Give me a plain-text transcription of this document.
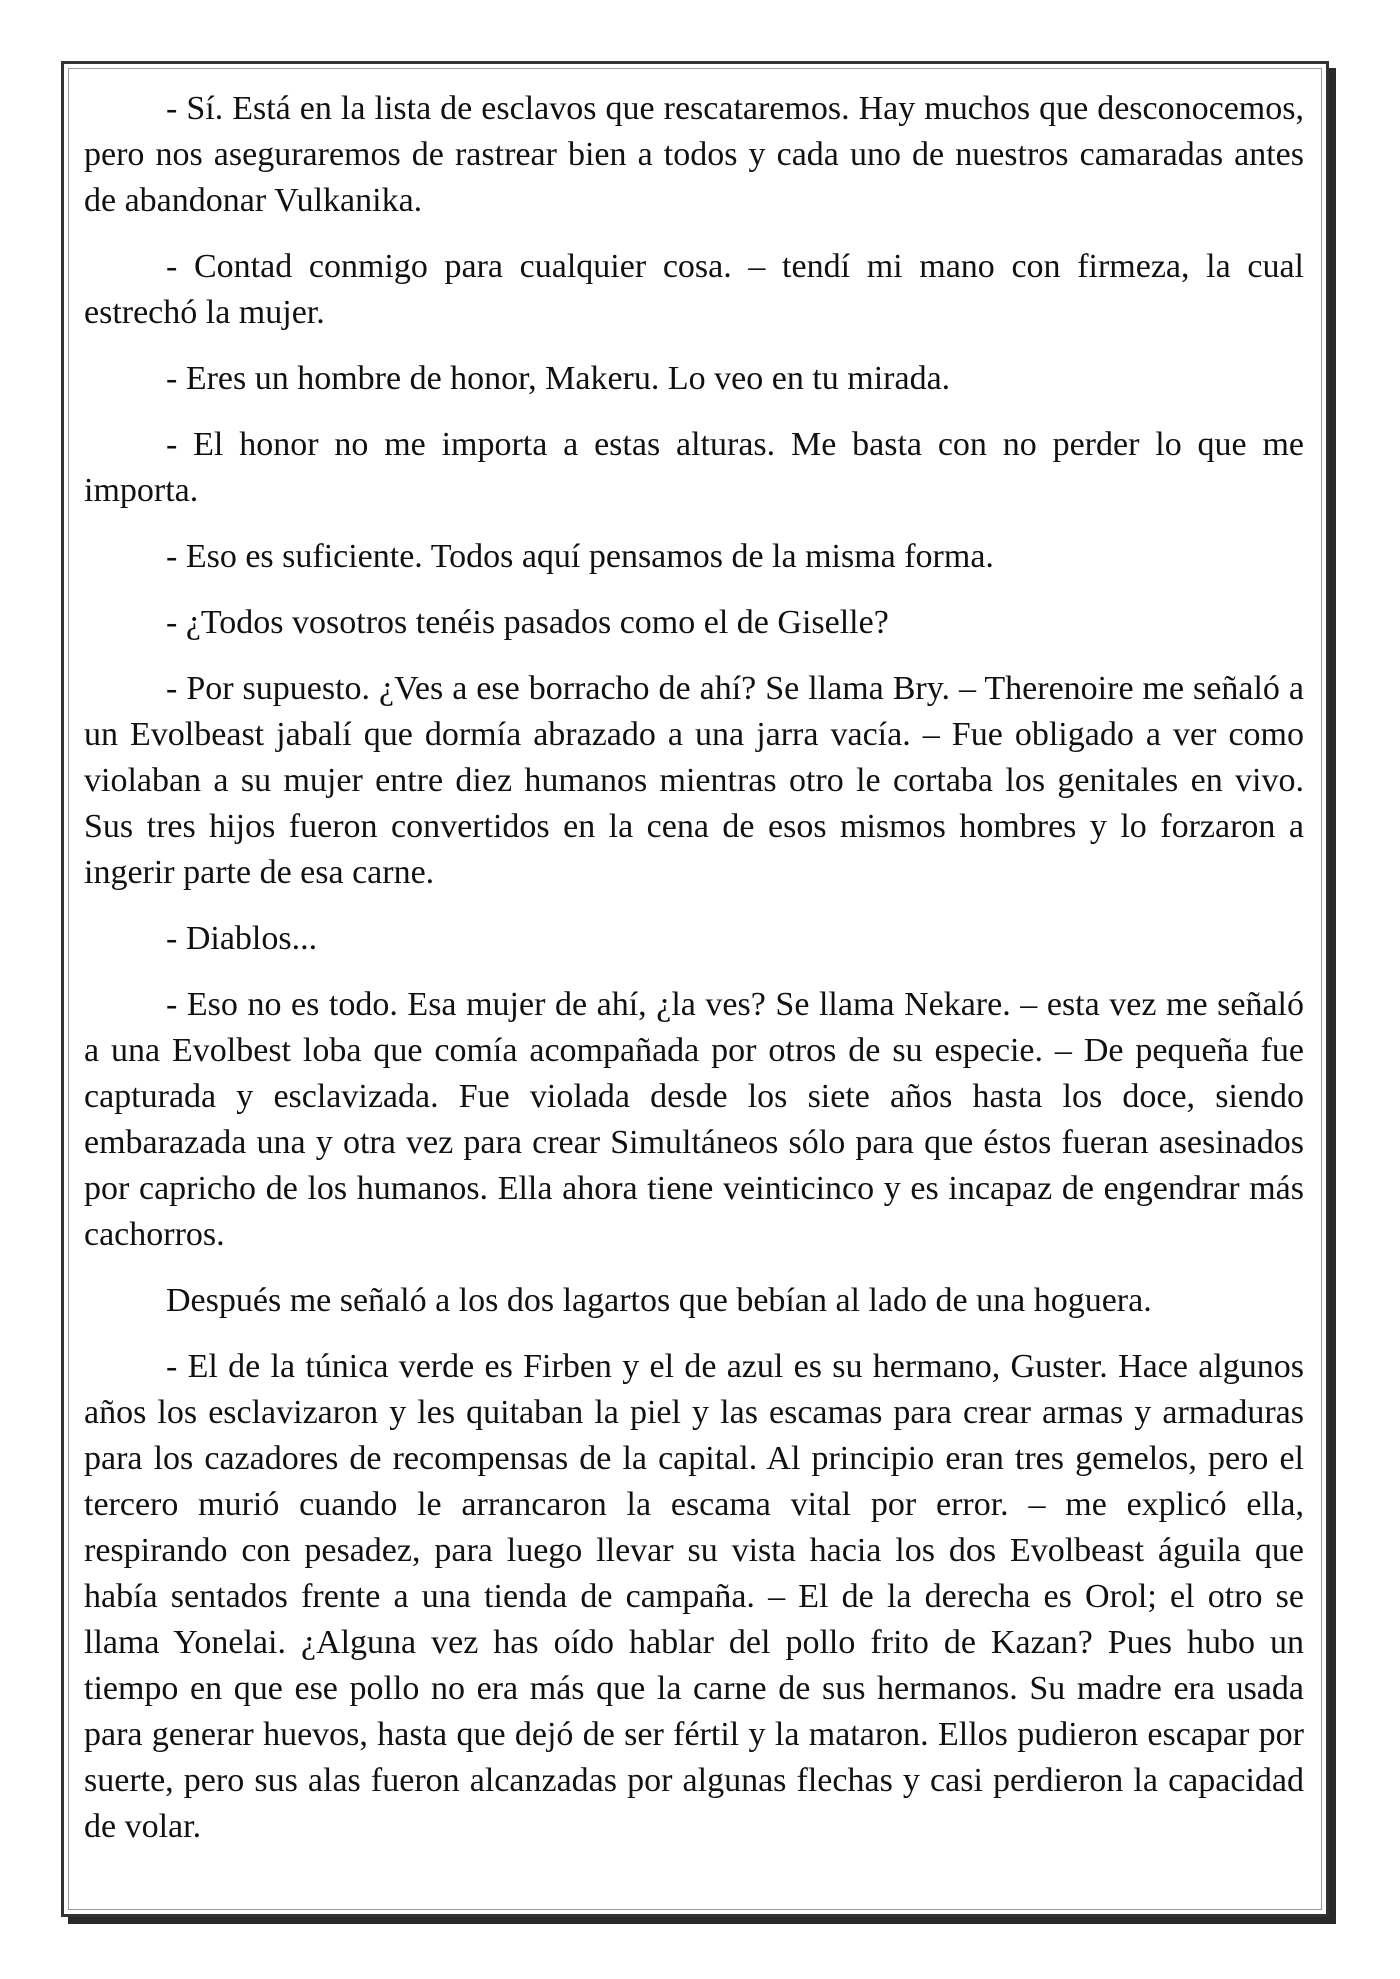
- Sí. Está en la lista de esclavos que rescataremos. Hay muchos que desconocemos, pero nos aseguraremos de rastrear bien a todos y cada uno de nuestros camaradas antes de abandonar Vulkanika.

- Contad conmigo para cualquier cosa. – tendí mi mano con firmeza, la cual estrechó la mujer.

- Eres un hombre de honor, Makeru. Lo veo en tu mirada.

- El honor no me importa a estas alturas. Me basta con no perder lo que me importa.

- Eso es suficiente. Todos aquí pensamos de la misma forma.

- ¿Todos vosotros tenéis pasados como el de Giselle?

- Por supuesto. ¿Ves a ese borracho de ahí? Se llama Bry. – Therenoire me señaló a un Evolbeast jabalí que dormía abrazado a una jarra vacía. – Fue obligado a ver como violaban a su mujer entre diez humanos mientras otro le cortaba los genitales en vivo. Sus tres hijos fueron convertidos en la cena de esos mismos hombres y lo forzaron a ingerir parte de esa carne.

- Diablos...

- Eso no es todo. Esa mujer de ahí, ¿la ves? Se llama Nekare. – esta vez me señaló a una Evolbest loba que comía acompañada por otros de su especie. – De pequeña fue capturada y esclavizada. Fue violada desde los siete años hasta los doce, siendo embarazada una y otra vez para crear Simultáneos sólo para que éstos fueran asesinados por capricho de los humanos. Ella ahora tiene veinticinco y es incapaz de engendrar más cachorros.

Después me señaló a los dos lagartos que bebían al lado de una hoguera.

- El de la túnica verde es Firben y el de azul es su hermano, Guster. Hace algunos años los esclavizaron y les quitaban la piel y las escamas para crear armas y armaduras para los cazadores de recompensas de la capital. Al principio eran tres gemelos, pero el tercero murió cuando le arrancaron la escama vital por error. – me explicó ella, respirando con pesadez, para luego llevar su vista hacia los dos Evolbeast águila que había sentados frente a una tienda de campaña. – El de la derecha es Orol; el otro se llama Yonelai. ¿Alguna vez has oído hablar del pollo frito de Kazan? Pues hubo un tiempo en que ese pollo no era más que la carne de sus hermanos. Su madre era usada para generar huevos, hasta que dejó de ser fértil y la mataron. Ellos pudieron escapar por suerte, pero sus alas fueron alcanzadas por algunas flechas y casi perdieron la capacidad de volar.
